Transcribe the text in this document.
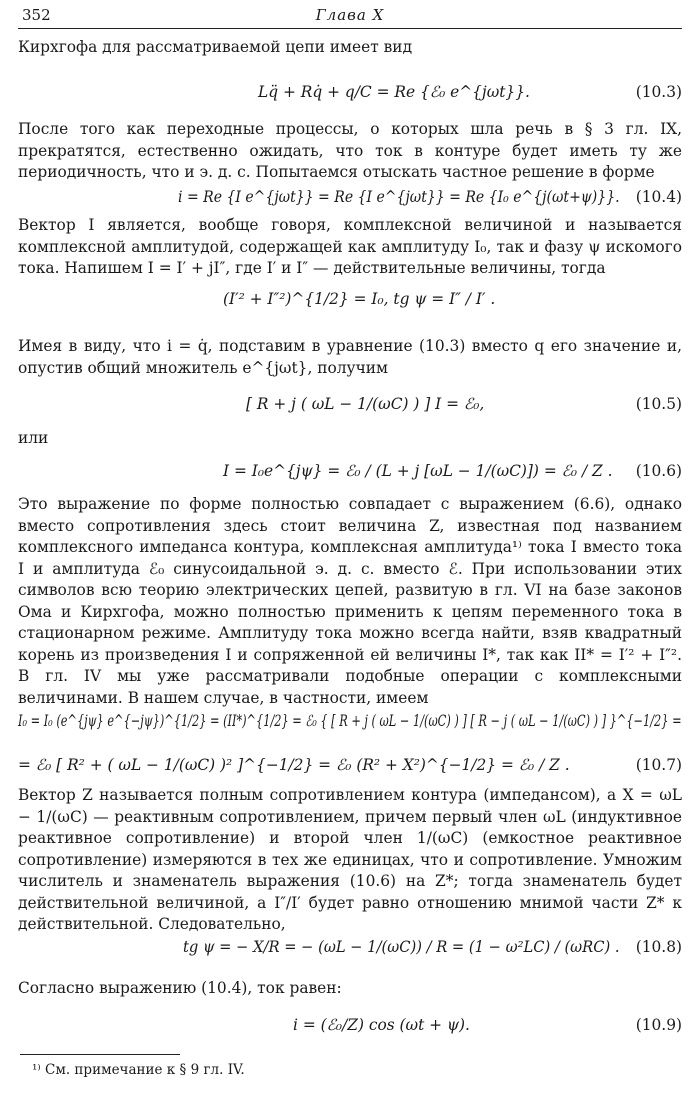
352	Глава X
Кирхгофа для рассматриваемой цепи имеет вид
Lq̈ + Rq̇ + q/C = Re {ℰ₀ e^{jωt}}.	(10.3)
После того как переходные процессы, о которых шла речь в § 3 гл. IX, прекратятся, естественно ожидать, что ток в контуре будет иметь ту же периодичность, что и э. д. с. Попытаемся отыскать частное решение в форме
i = Re {I e^{jωt}} = Re {I e^{jωt}} = Re {I₀ e^{j(ωt+ψ)}}. (10.4)
Вектор I является, вообще говоря, комплексной величиной и называется комплексной амплитудой, содержащей как амплитуду I₀, так и фазу ψ искомого тока. Напишем I = I′ + jI″, где I′ и I″ — действительные величины, тогда
(I′² + I″²)^{1/2} = I₀, tg ψ = I″ / I′ .
Имея в виду, что i = q̇, подставим в уравнение (10.3) вместо q его значение и, опустив общий множитель e^{jωt}, получим
[ R + j ( ωL − 1/(ωC) ) ] I = ℰ₀,	(10.5)
или
I = I₀e^{jψ} = ℰ₀ / (L + j [ωL − 1/(ωC)]) = ℰ₀ / Z . (10.6)
Это выражение по форме полностью совпадает с выражением (6.6), однако вместо сопротивления здесь стоит величина Z, известная под названием комплексного импеданса контура, комплексная амплитуда¹⁾ тока I вместо тока I и амплитуда ℰ₀ синусоидальной э. д. с. вместо ℰ. При использовании этих символов всю теорию электрических цепей, развитую в гл. VI на базе законов Ома и Кирхгофа, можно полностью применить к цепям переменного тока в стационарном режиме. Амплитуду тока можно всегда найти, взяв квадратный корень из произведения I и сопряженной ей величины I*, так как II* = I′² + I″². В гл. IV мы уже рассматривали подобные операции с комплексными величинами. В нашем случае, в частности, имеем
I₀ = I₀ (e^{jψ} e^{−jψ})^{1/2} = (II*)^{1/2} = ℰ₀ { [ R + j ( ωL − 1/(ωC) ) ] [ R − j ( ωL − 1/(ωC) ) ] }^{−1/2} =
= ℰ₀ [ R² + ( ωL − 1/(ωC) )² ]^{−1/2} = ℰ₀ (R² + X²)^{−1/2} = ℰ₀ / Z .	(10.7)
Вектор Z называется полным сопротивлением контура (импедансом), а X = ωL − 1/(ωC) — реактивным сопротивлением, причем первый член ωL (индуктивное реактивное сопротивление) и второй член 1/(ωC) (емкостное реактивное сопротивление) измеряются в тех же единицах, что и сопротивление. Умножим числитель и знаменатель выражения (10.6) на Z*; тогда знаменатель будет действительной величиной, а I″/I′ будет равно отношению мнимой части Z* к действительной. Следовательно,
tg ψ = − X/R = − (ωL − 1/(ωC)) / R = (1 − ω²LC) / (ωRC) . (10.8)
Согласно выражению (10.4), ток равен:
i = (ℰ₀/Z) cos (ωt + ψ).	(10.9)
¹⁾ См. примечание к § 9 гл. IV.
